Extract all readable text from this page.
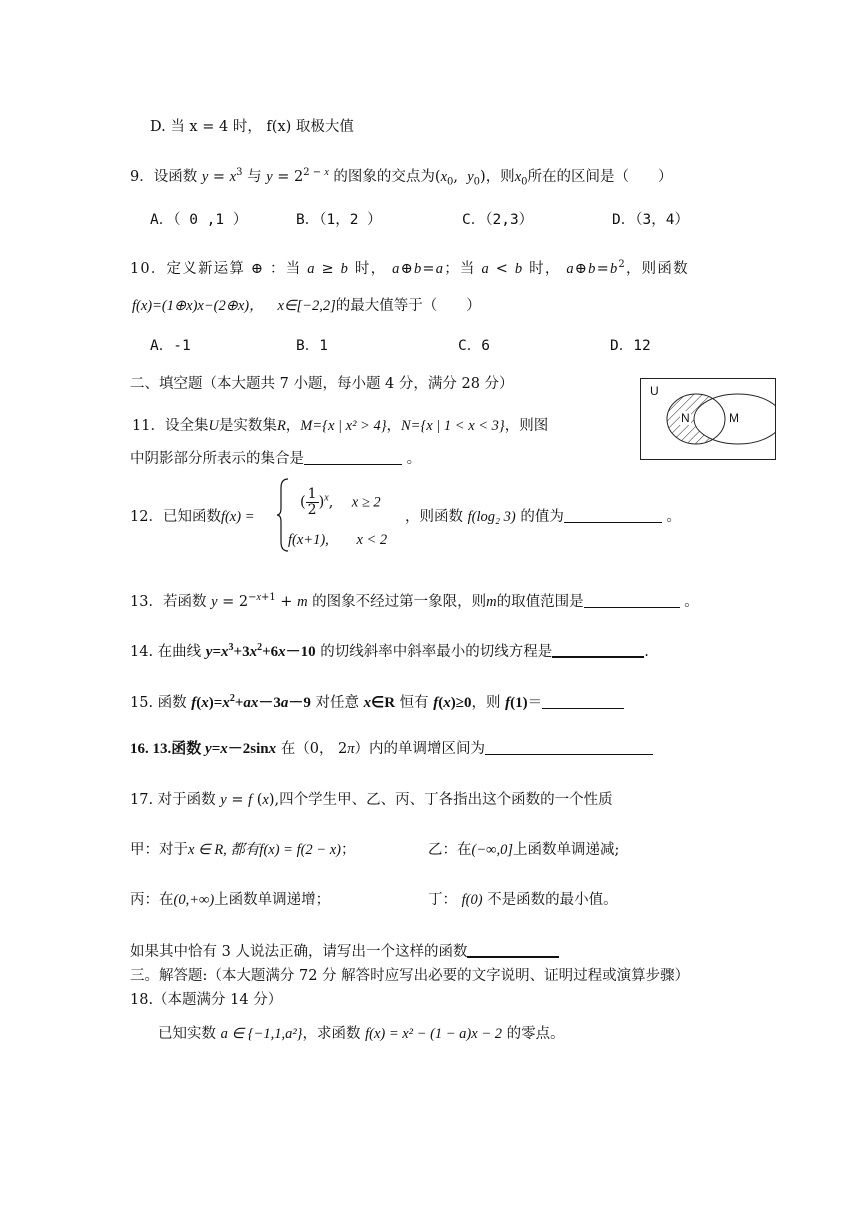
D. 当 x = 4 时， f(x) 取极大值
9．设函数 $y = x^3$ 与 $y = 2^{2 - x}$ 的图象的交点为($x_0$,  $y_0$)，则$x_0$所在的区间是（　　）
A．（ 0 ,1 ）	B．（1，2 ）	C．（2,3）	D．（3，4）
10．定义新运算 ⊕ ：当 a ≥ b 时， a⊕b=a；当 a < b 时， $a\oplus b=b^2$，则函数
f(x)=(1⊕x)x−(2⊕x)， x∈[−2,2]的最大值等于（　　）
A．-1	B．1	C．6	D．12
二、填空题（本大题共 7 小题，每小题 4 分，满分 28 分）	U
N	M
11．设全集U是实数集R，M={x | x² > 4}，N={x | 1 < x < 3}，则图
中阴影部分所表示的集合是	。
12．已知函数f(x) =
( $\frac{1}{2} )^x$,    x ≥ 2
f(x+1), x < 2
，则函数 f(log₂ 3) 的值为	。
13．若函数 $y = 2^{-x+1} + m$ 的图象不经过第一象限，则m的取值范围是	。
14. 在曲线 $y=x^3+3x^2+6x-10$ 的切线斜率中斜率最小的切线方程是	.
15. 函数 $f(x)=x^2+ax-3a-9$ 对任意 x∈R 恒有 f(x)≥0，则 f(1)＝
16. 13.函数 y=x－2sinx 在（0， 2π）内的单调增区间为
17. 对于函数 y = f (x),四个学生甲、乙、丙、丁各指出这个函数的一个性质
甲：对于x ∈ R, 都有f(x) = f(2 − x)；	乙：在(−∞,0]上函数单调递减;
丙：在(0,+∞)上函数单调递增；	丁： f(0) 不是函数的最小值。
如果其中恰有 3 人说法正确，请写出一个这样的函数
三。解答题:（本大题满分 72 分 解答时应写出必要的文字说明、证明过程或演算步骤）
18.（本题满分 14 分）
已知实数 a ∈ {−1,1,a²}，求函数 f(x) = x² − (1 − a)x − 2 的零点。
